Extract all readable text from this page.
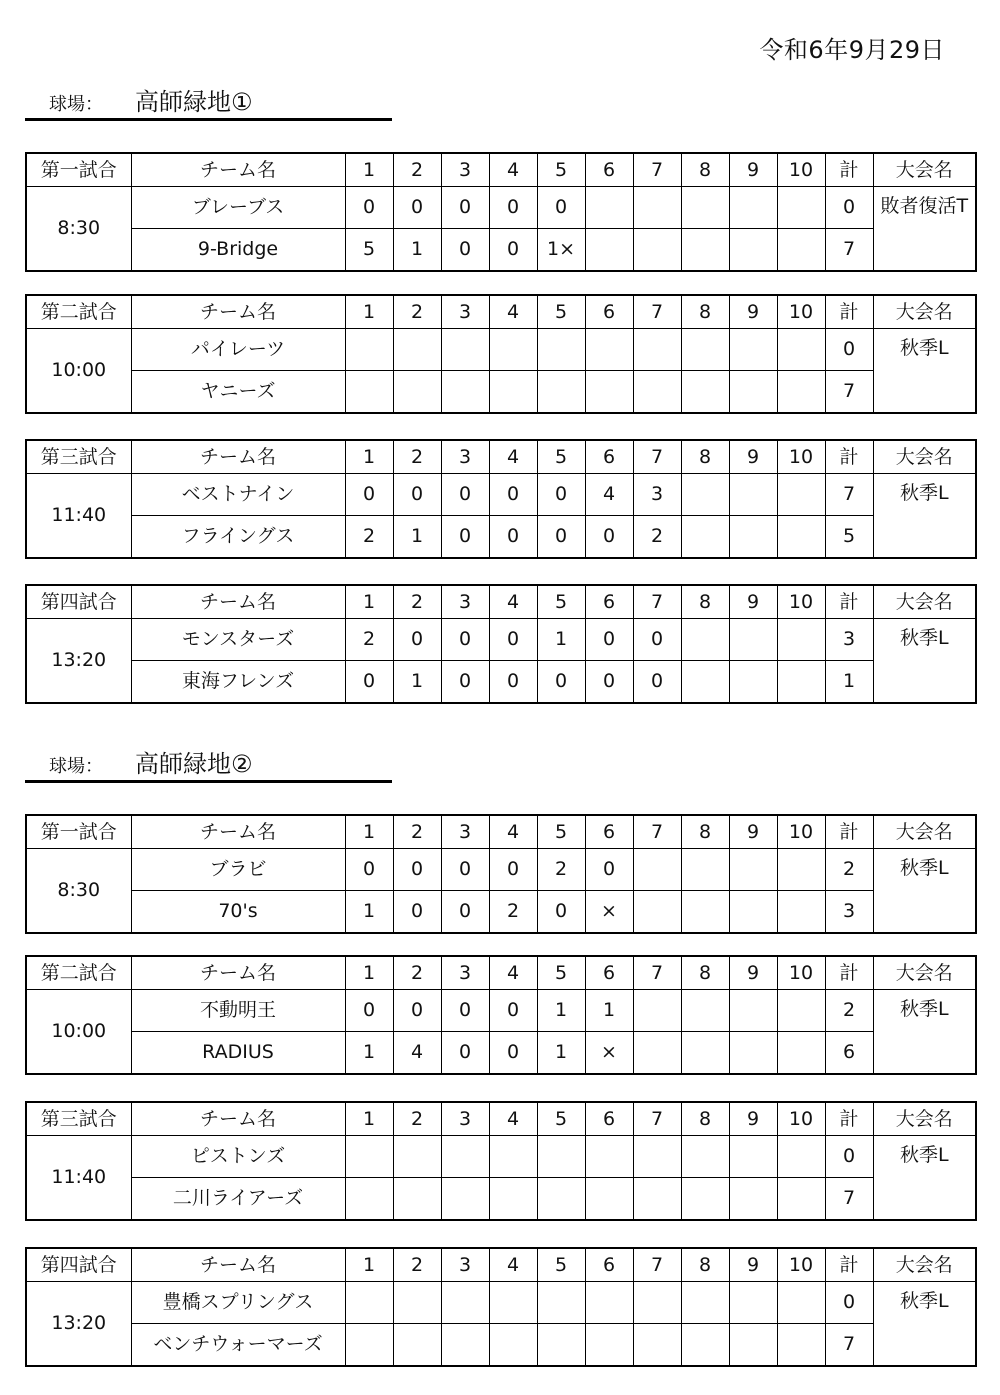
令和6年9月29日
球場： 高師緑地①
第一試合	チーム名	1	2	3	4	5	6	7	8	9	10	計	大会名
8:30	ブレーブス	0	0	0	0	0						0	敗者復活T
	9-Bridge	5	1	0	0	1×						7	
第二試合	チーム名	1	2	3	4	5	6	7	8	9	10	計	大会名
10:00	パイレーツ											0	秋季L
	ヤニーズ											7	
第三試合	チーム名	1	2	3	4	5	6	7	8	9	10	計	大会名
11:40	ベストナイン	0	0	0	0	0	4	3				7	秋季L
	フライングス	2	1	0	0	0	0	2				5	
第四試合	チーム名	1	2	3	4	5	6	7	8	9	10	計	大会名
13:20	モンスターズ	2	0	0	0	1	0	0				3	秋季L
	東海フレンズ	0	1	0	0	0	0	0				1	
球場： 高師緑地②
第一試合	チーム名	1	2	3	4	5	6	7	8	9	10	計	大会名
8:30	ブラビ	0	0	0	0	2	0					2	秋季L
	70's	1	0	0	2	0	×					3	
第二試合	チーム名	1	2	3	4	5	6	7	8	9	10	計	大会名
10:00	不動明王	0	0	0	0	1	1					2	秋季L
	RADIUS	1	4	0	0	1	×					6	
第三試合	チーム名	1	2	3	4	5	6	7	8	9	10	計	大会名
11:40	ピストンズ											0	秋季L
	二川ライアーズ											7	
第四試合	チーム名	1	2	3	4	5	6	7	8	9	10	計	大会名
13:20	豊橋スプリングス											0	秋季L
	ベンチウォーマーズ											7	
